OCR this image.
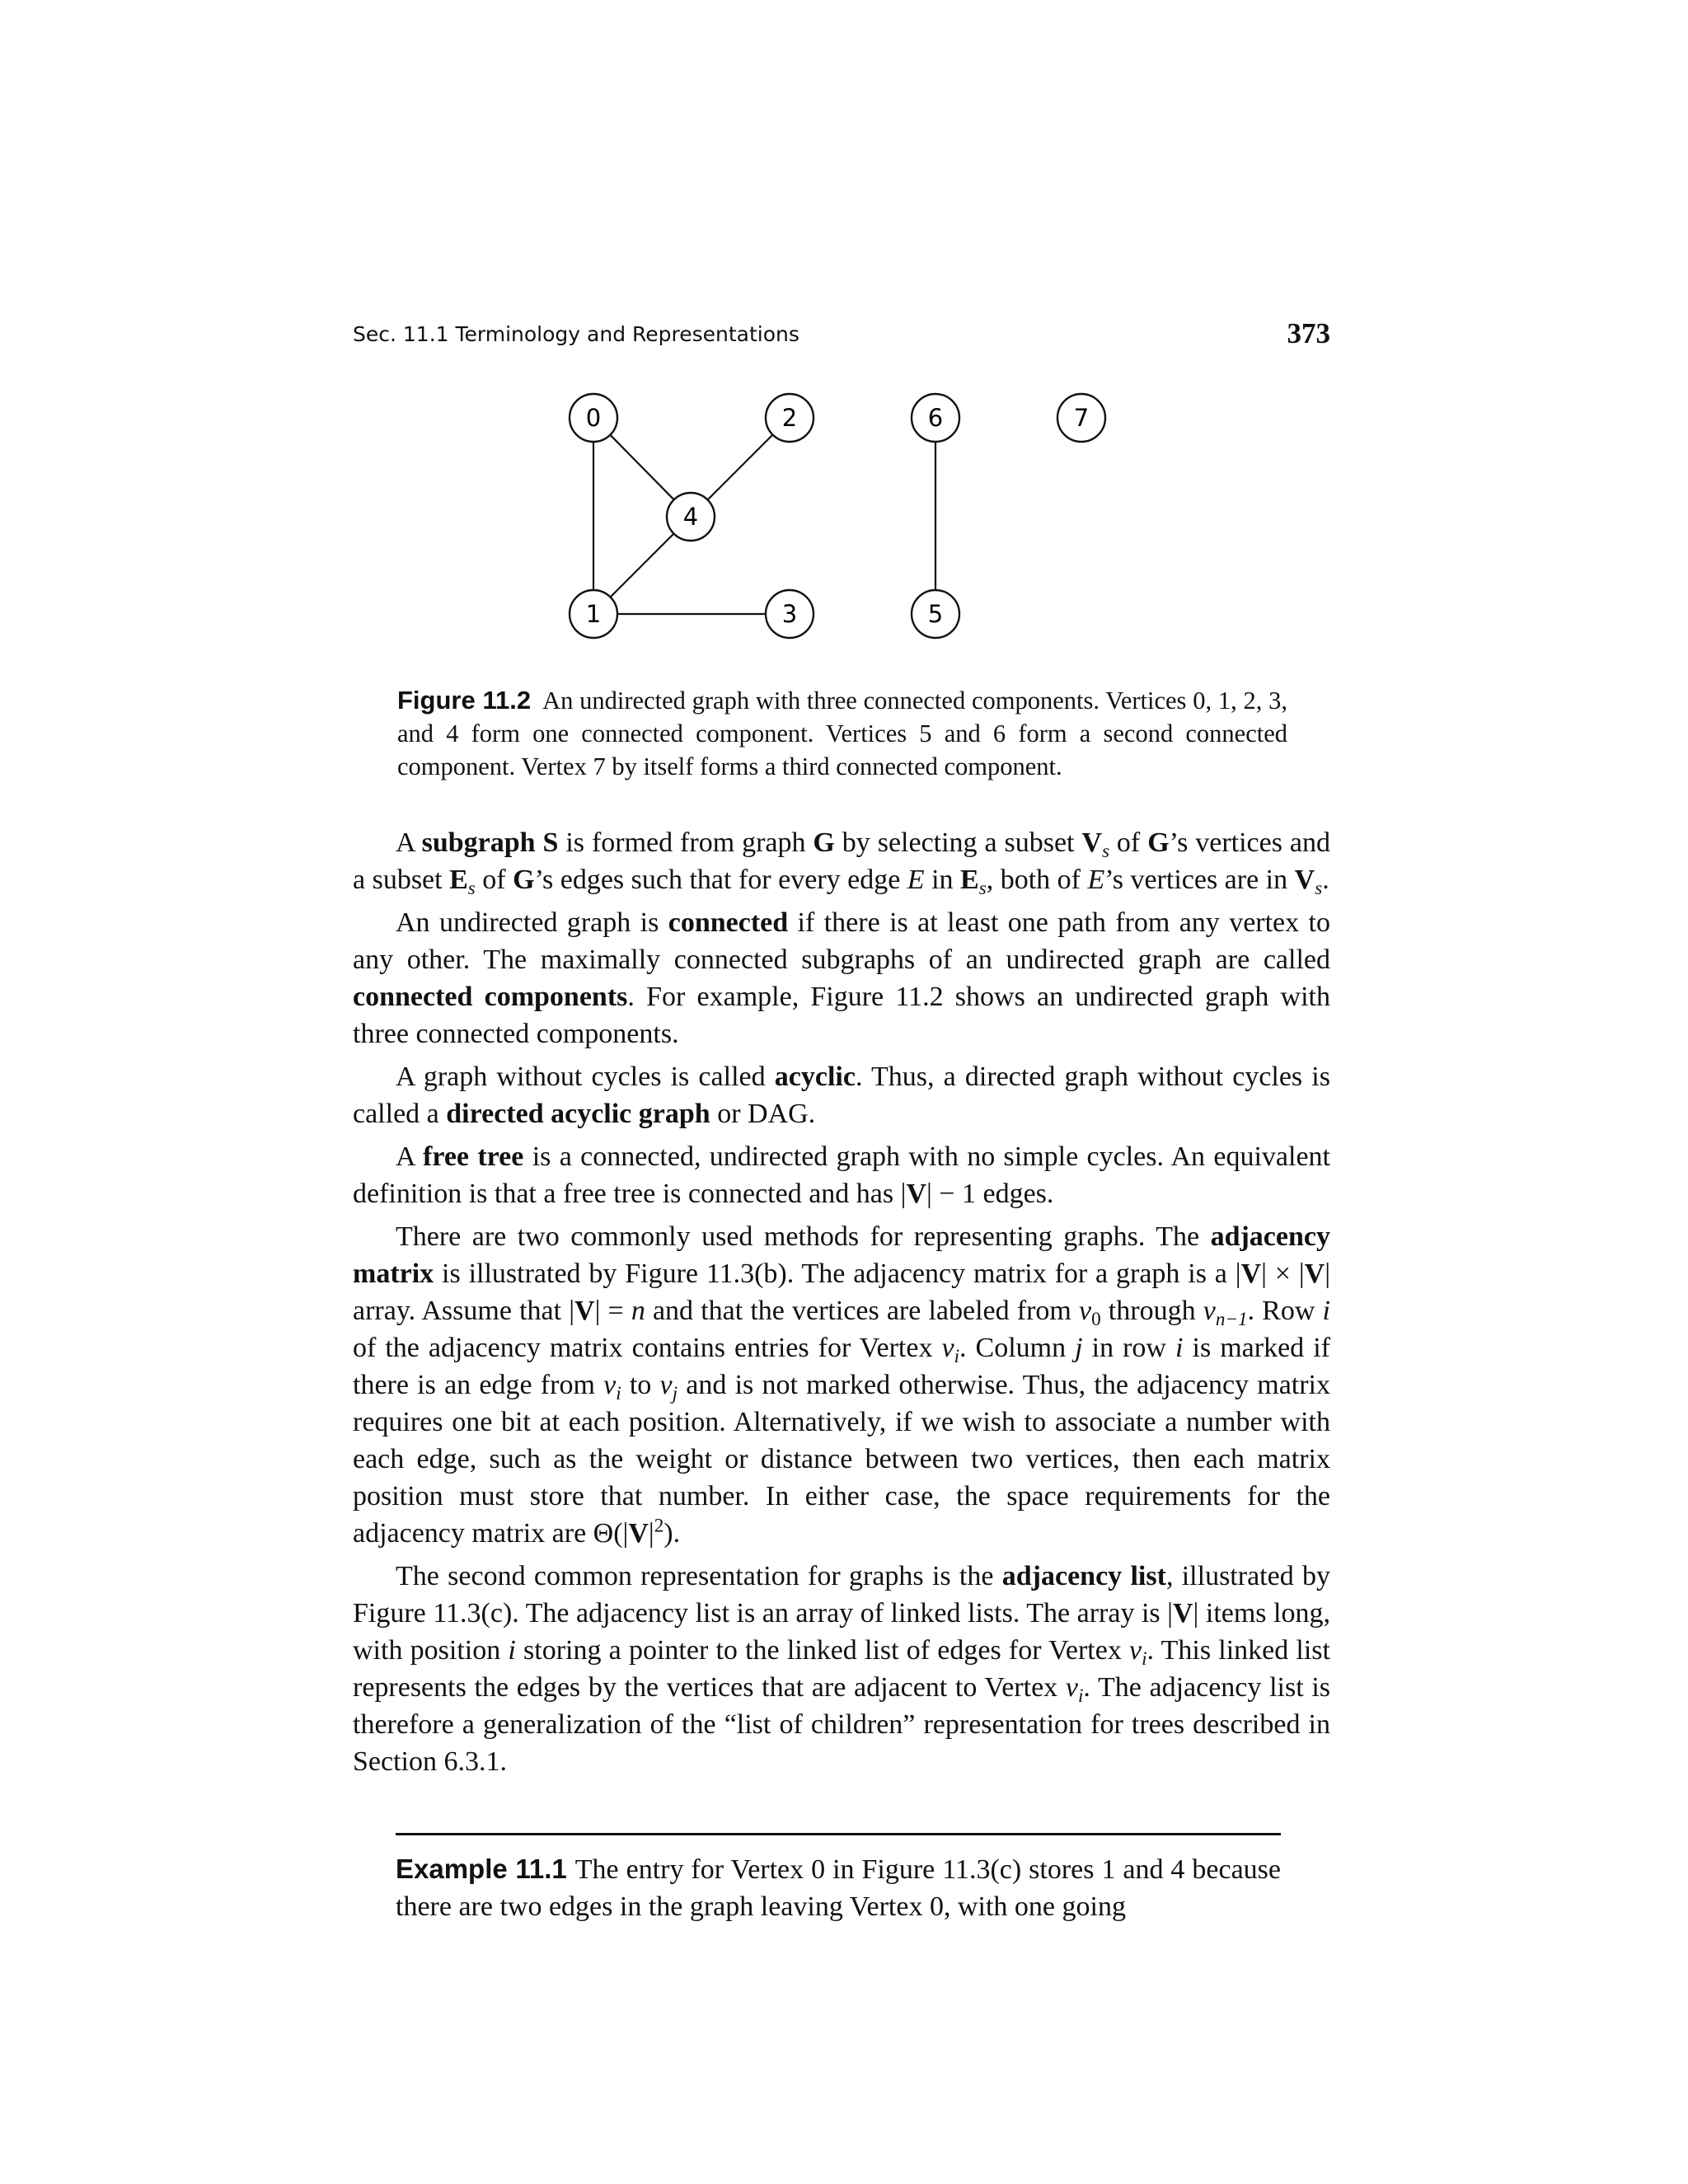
Sec. 11.1 Terminology and Representations	373
0
1
2
3
4
5
6	7
Figure 11.2 An undirected graph with three connected components. Vertices 0, 1, 2, 3, and 4 form one connected component. Vertices 5 and 6 form a second connected component. Vertex 7 by itself forms a third connected component.

A subgraph S is formed from graph G by selecting a subset $V_s$ of G’s vertices and a subset $E_s$ of G’s edges such that for every edge E in $E_s$, both of E’s vertices are in $V_s$.

An undirected graph is connected if there is at least one path from any vertex to any other. The maximally connected subgraphs of an undirected graph are called connected components. For example, Figure 11.2 shows an undirected graph with three connected components.

A graph without cycles is called acyclic. Thus, a directed graph without cycles is called a directed acyclic graph or DAG.

A free tree is a connected, undirected graph with no simple cycles. An equivalent definition is that a free tree is connected and has |V| − 1 edges.

There are two commonly used methods for representing graphs. The adjacency matrix is illustrated by Figure 11.3(b). The adjacency matrix for a graph is a |V| × |V| array. Assume that |V| = n and that the vertices are labeled from $v_0$ through $v_{n-1}$. Row i of the adjacency matrix contains entries for Vertex $v_i$. Column j in row i is marked if there is an edge from $v_i$ to $v_j$ and is not marked otherwise. Thus, the adjacency matrix requires one bit at each position. Alternatively, if we wish to associate a number with each edge, such as the weight or distance between two vertices, then each matrix position must store that number. In either case, the space requirements for the adjacency matrix are $\Theta(|V|^2)$.

The second common representation for graphs is the adjacency list, illustrated by Figure 11.3(c). The adjacency list is an array of linked lists. The array is |V| items long, with position i storing a pointer to the linked list of edges for Vertex $v_i$. This linked list represents the edges by the vertices that are adjacent to Vertex $v_i$. The adjacency list is therefore a generalization of the “list of children” representation for trees described in Section 6.3.1.

Example 11.1 The entry for Vertex 0 in Figure 11.3(c) stores 1 and 4 because there are two edges in the graph leaving Vertex 0, with one going
